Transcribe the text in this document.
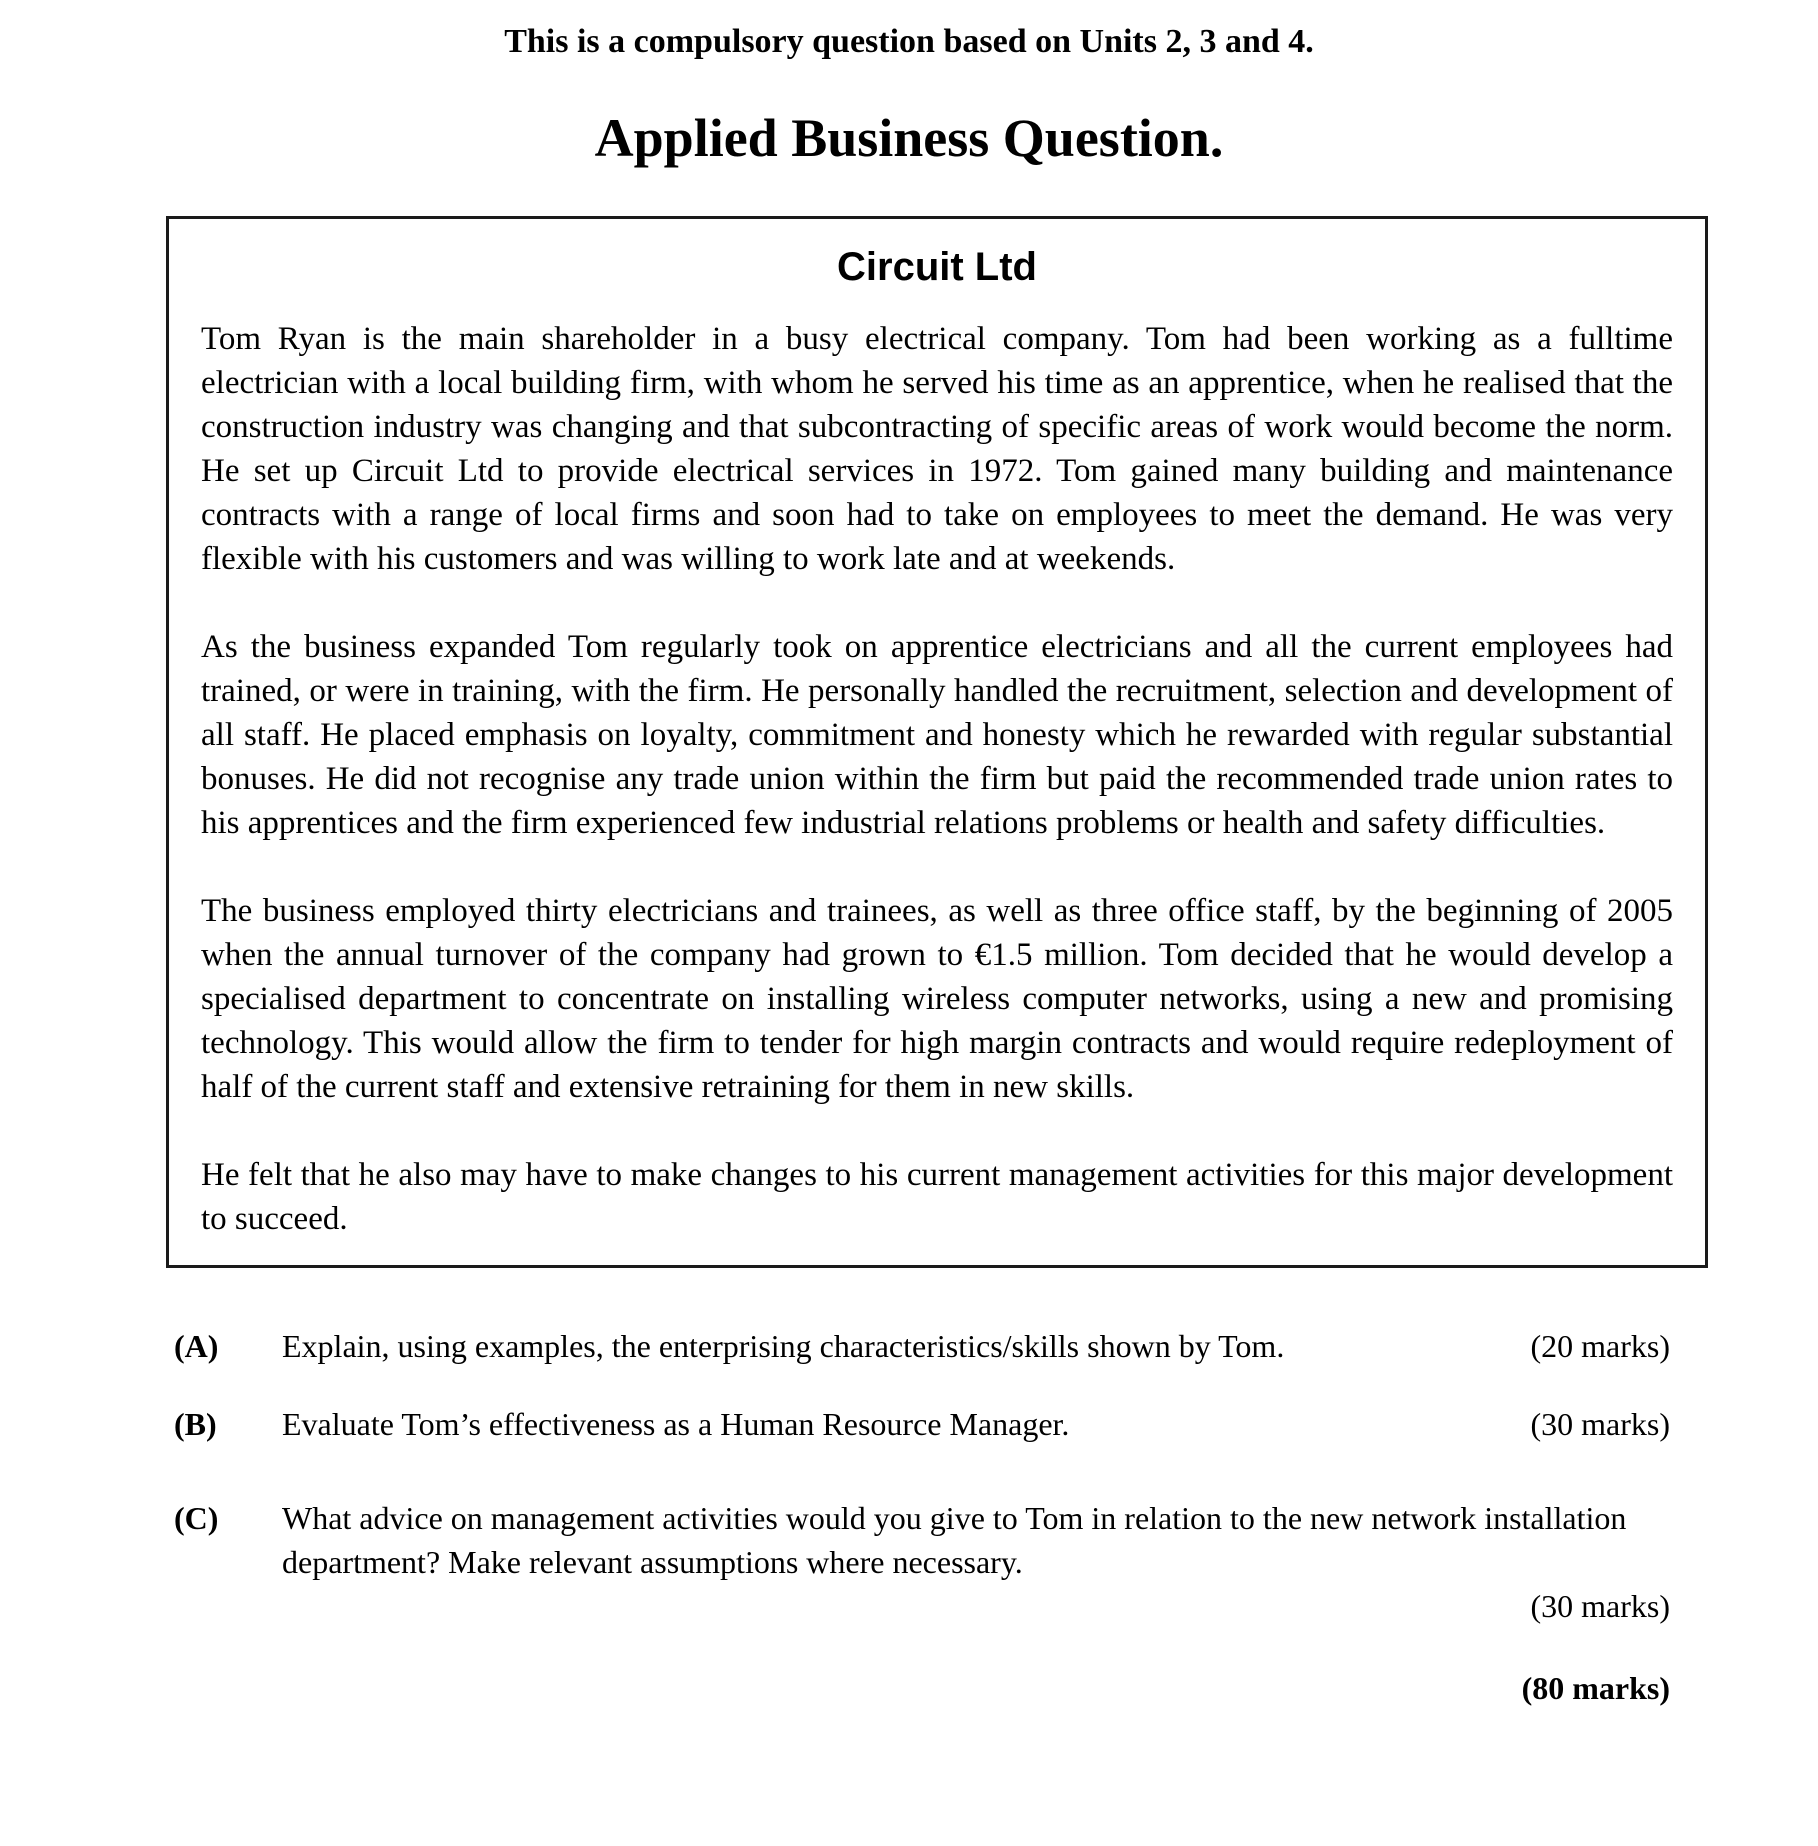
This is a compulsory question based on Units 2, 3 and 4.
Applied Business Question.
Circuit Ltd

Tom Ryan is the main shareholder in a busy electrical company. Tom had been working as a fulltime electrician with a local building firm, with whom he served his time as an apprentice, when he realised that the construction industry was changing and that subcontracting of specific areas of work would become the norm. He set up Circuit Ltd to provide electrical services in 1972. Tom gained many building and maintenance contracts with a range of local firms and soon had to take on employees to meet the demand. He was very flexible with his customers and was willing to work late and at weekends.

As the business expanded Tom regularly took on apprentice electricians and all the current employees had trained, or were in training, with the firm. He personally handled the recruitment, selection and development of all staff. He placed emphasis on loyalty, commitment and honesty which he rewarded with regular substantial bonuses. He did not recognise any trade union within the firm but paid the recommended trade union rates to his apprentices and the firm experienced few industrial relations problems or health and safety difficulties.

The business employed thirty electricians and trainees, as well as three office staff, by the beginning of 2005 when the annual turnover of the company had grown to €1.5 million. Tom decided that he would develop a specialised department to concentrate on installing wireless computer networks, using a new and promising technology. This would allow the firm to tender for high margin contracts and would require redeployment of half of the current staff and extensive retraining for them in new skills.

He felt that he also may have to make changes to his current management activities for this major development to succeed.

(A)	Explain, using examples, the enterprising characteristics/skills shown by Tom.	(20 marks)
(B)	Evaluate Tom’s effectiveness as a Human Resource Manager.	(30 marks)
(C)	What advice on management activities would you give to Tom in relation to the new network installation department? Make relevant assumptions where necessary.
(30 marks)
(80 marks)
